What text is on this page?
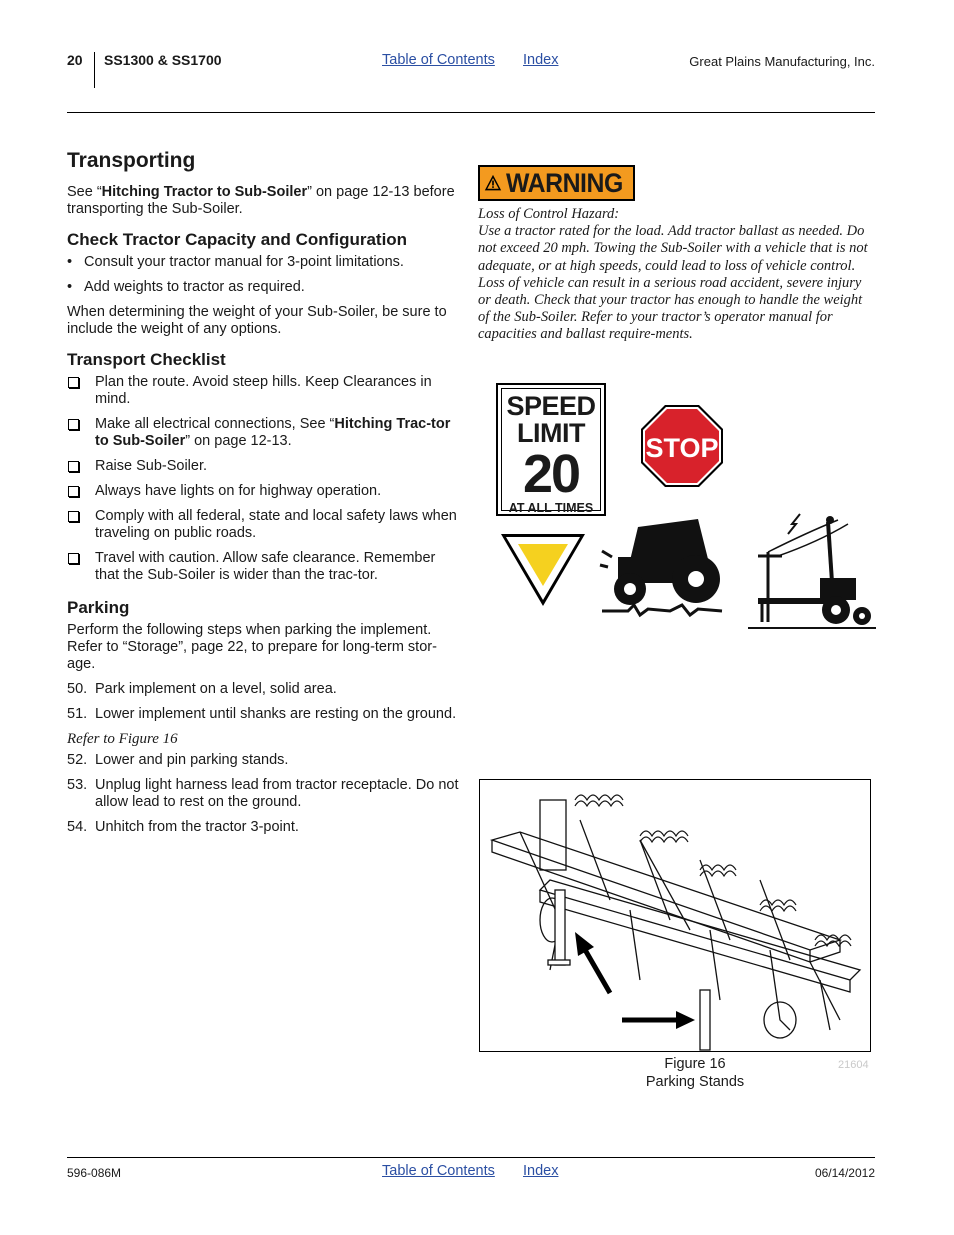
20 SS1300 & SS1700	Table of Contents Index	Great Plains Manufacturing, Inc.
Transporting

See “Hitching Tractor to Sub-Soiler” on page 12-13 before transporting the Sub-Soiler.

Check Tractor Capacity and Configuration
• Consult your tractor manual for 3-point limitations.
• Add weights to tractor as required.

When determining the weight of your Sub-Soiler, be sure to include the weight of any options.

Transport Checklist
Plan the route. Avoid steep hills. Keep Clearances in mind.
Make all electrical connections, See “Hitching Trac-tor to Sub-Soiler” on page 12-13.
Raise Sub-Soiler.
Always have lights on for highway operation.
Comply with all federal, state and local safety laws when traveling on public roads.
Travel with caution. Allow safe clearance. Remember that the Sub-Soiler is wider than the trac-tor.
Parking

Perform the following steps when parking the implement. Refer to “Storage”, page 22, to prepare for long-term stor-age.

50. Park implement on a level, solid area.
51. Lower implement until shanks are resting on the ground.
Refer to Figure 16
52. Lower and pin parking stands.
53. Unplug light harness lead from tractor receptacle. Do not allow lead to rest on the ground.
54. Unhitch from the tractor 3-point.
WARNING
Loss of Control Hazard:
Use a tractor rated for the load. Add tractor ballast as needed. Do not exceed 20 mph. Towing the Sub-Soiler with a vehicle that is not adequate, or at high speeds, could lead to loss of vehicle control. Loss of vehicle can result in a serious road accident, severe injury or death. Check that your tractor has enough to handle the weight of the Sub-Soiler. Refer to your tractor’s operator manual for capacities and ballast require-ments.
SPEED
LIMIT
20
AT ALL TIMES
STOP
Figure 16
Parking Stands
21604
596-086M	Table of Contents Index	06/14/2012
